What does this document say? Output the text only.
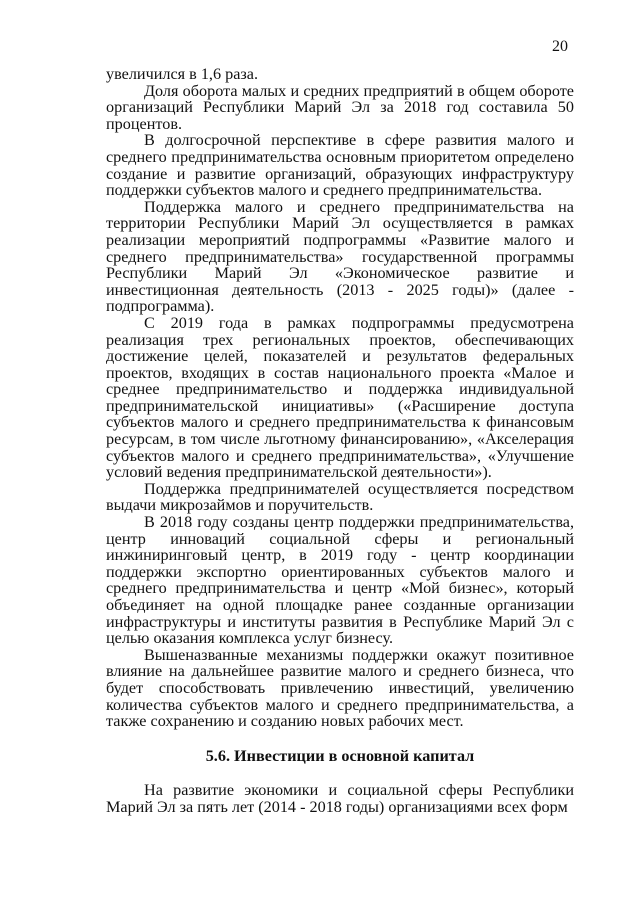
20

увеличился в 1,6 раза.

Доля оборота малых и средних предприятий в общем обороте организаций Республики Марий Эл за 2018 год составила 50 процентов.

В долгосрочной перспективе в сфере развития малого и среднего предпринимательства основным приоритетом определено создание и развитие организаций, образующих инфраструктуру поддержки субъектов малого и среднего предпринимательства.

Поддержка малого и среднего предпринимательства на территории Республики Марий Эл осуществляется в рамках реализации мероприятий подпрограммы «Развитие малого и среднего предпринимательства» государственной программы Республики Марий Эл «Экономическое развитие и инвестиционная деятельность (2013 - 2025 годы)» (далее - подпрограмма).

С 2019 года в рамках подпрограммы предусмотрена реализация трех региональных проектов, обеспечивающих достижение целей, показателей и результатов федеральных проектов, входящих в состав национального проекта «Малое и среднее предпринимательство и поддержка индивидуальной предпринимательской инициативы» («Расширение доступа субъектов малого и среднего предпринимательства к финансовым ресурсам, в том числе льготному финансированию», «Акселерация субъектов малого и среднего предпринимательства», «Улучшение условий ведения предпринимательской деятельности»).

Поддержка предпринимателей осуществляется посредством выдачи микрозаймов и поручительств.

В 2018 году созданы центр поддержки предпринимательства, центр инноваций социальной сферы и региональный инжиниринговый центр, в 2019 году - центр координации поддержки экспортно ориентированных субъектов малого и среднего предпринимательства и центр «Мой бизнес», который объединяет на одной площадке ранее созданные организации инфраструктуры и институты развития в Республике Марий Эл с целью оказания комплекса услуг бизнесу.

Вышеназванные механизмы поддержки окажут позитивное влияние на дальнейшее развитие малого и среднего бизнеса, что будет способствовать привлечению инвестиций, увеличению количества субъектов малого и среднего предпринимательства, а также сохранению и созданию новых рабочих мест.

5.6. Инвестиции в основной капитал

На развитие экономики и социальной сферы Республики Марий Эл за пять лет (2014 - 2018 годы) организациями всех форм
